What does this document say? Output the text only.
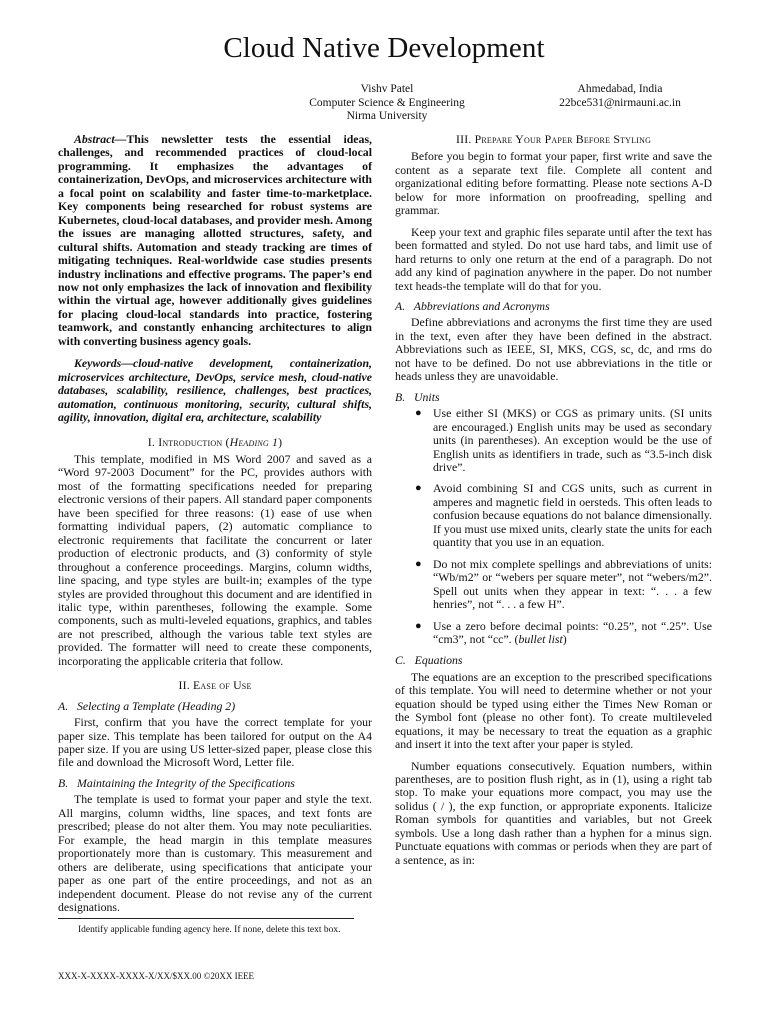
Cloud Native Development
Vishv Patel
Computer Science & Engineering
Nirma University
Ahmedabad, India
22bce531@nirmauni.ac.in

Abstract—This newsletter tests the essential ideas, challenges, and recommended practices of cloud-local programming. It emphasizes the advantages of containerization, DevOps, and microservices architecture with a focal point on scalability and faster time-to-marketplace. Key components being researched for robust systems are Kubernetes, cloud-local databases, and provider mesh. Among the issues are managing allotted structures, safety, and cultural shifts. Automation and steady tracking are times of mitigating techniques. Real-worldwide case studies presents industry inclinations and effective programs. The paper’s end now not only emphasizes the lack of innovation and flexibility within the virtual age, however additionally gives guidelines for placing cloud-local standards into practice, fostering teamwork, and constantly enhancing architectures to align with converting business agency goals.

Keywords—cloud-native development, containerization, microservices architecture, DevOps, service mesh, cloud-native databases, scalability, resilience, challenges, best practices, automation, continuous monitoring, security, cultural shifts, agility, innovation, digital era, architecture, scalability

I. Introduction (Heading 1)

This template, modified in MS Word 2007 and saved as a “Word 97-2003 Document” for the PC, provides authors with most of the formatting specifications needed for preparing electronic versions of their papers. All standard paper components have been specified for three reasons: (1) ease of use when formatting individual papers, (2) automatic compliance to electronic requirements that facilitate the concurrent or later production of electronic products, and (3) conformity of style throughout a conference proceedings. Margins, column widths, line spacing, and type styles are built-in; examples of the type styles are provided throughout this document and are identified in italic type, within parentheses, following the example. Some components, such as multi-leveled equations, graphics, and tables are not prescribed, although the various table text styles are provided. The formatter will need to create these components, incorporating the applicable criteria that follow.

II. Ease of Use
A.  Selecting a Template (Heading 2)

First, confirm that you have the correct template for your paper size. This template has been tailored for output on the A4 paper size. If you are using US letter-sized paper, please close this file and download the Microsoft Word, Letter file.

B.  Maintaining the Integrity of the Specifications

The template is used to format your paper and style the text. All margins, column widths, line spaces, and text fonts are prescribed; please do not alter them. You may note peculiarities. For example, the head margin in this template measures proportionately more than is customary. This measurement and others are deliberate, using specifications that anticipate your paper as one part of the entire proceedings, and not as an independent document. Please do not revise any of the current designations.

III. Prepare Your Paper Before Styling

Before you begin to format your paper, first write and save the content as a separate text file. Complete all content and organizational editing before formatting. Please note sections A-D below for more information on proofreading, spelling and grammar.

Keep your text and graphic files separate until after the text has been formatted and styled. Do not use hard tabs, and limit use of hard returns to only one return at the end of a paragraph. Do not add any kind of pagination anywhere in the paper. Do not number text heads-the template will do that for you.

A.  Abbreviations and Acronyms

Define abbreviations and acronyms the first time they are used in the text, even after they have been defined in the abstract. Abbreviations such as IEEE, SI, MKS, CGS, sc, dc, and rms do not have to be defined. Do not use abbreviations in the title or heads unless they are unavoidable.

B.  Units
● Use either SI (MKS) or CGS as primary units. (SI units are encouraged.) English units may be used as secondary units (in parentheses). An exception would be the use of English units as identifiers in trade, such as “3.5-inch disk drive”.
● Avoid combining SI and CGS units, such as current in amperes and magnetic field in oersteds. This often leads to confusion because equations do not balance dimensionally. If you must use mixed units, clearly state the units for each quantity that you use in an equation.
● Do not mix complete spellings and abbreviations of units: “Wb/m2” or “webers per square meter”, not “webers/m2”. Spell out units when they appear in text: “. . . a few henries”, not “. . . a few H”.
● Use a zero before decimal points: “0.25”, not “.25”. Use “cm3”, not “cc”. (bullet list)
C.  Equations

The equations are an exception to the prescribed specifications of this template. You will need to determine whether or not your equation should be typed using either the Times New Roman or the Symbol font (please no other font). To create multileveled equations, it may be necessary to treat the equation as a graphic and insert it into the text after your paper is styled.

Number equations consecutively. Equation numbers, within parentheses, are to position flush right, as in (1), using a right tab stop. To make your equations more compact, you may use the solidus ( / ), the exp function, or appropriate exponents. Italicize Roman symbols for quantities and variables, but not Greek symbols. Use a long dash rather than a hyphen for a minus sign. Punctuate equations with commas or periods when they are part of a sentence, as in:

Identify applicable funding agency here. If none, delete this text box.
XXX-X-XXXX-XXXX-X/XX/$XX.00 ©20XX IEEE
